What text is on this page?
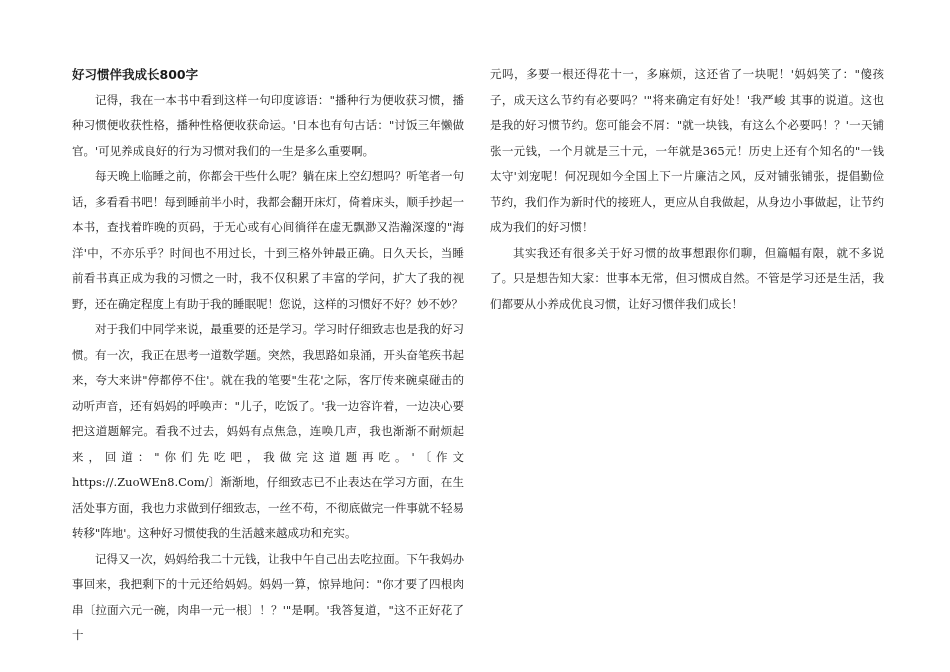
好习惯伴我成长800字

记得，我在一本书中看到这样一句印度谚语："播种行为便收获习惯，播种习惯便收获性格，播种性格便收获命运。'日本也有句古话："讨饭三年懒做官。'可见养成良好的行为习惯对我们的一生是多么重要啊。

每天晚上临睡之前，你都会干些什么呢？躺在床上空幻想吗？听笔者一句话，多看看书吧！每到睡前半小时，我都会翻开床灯，倚着床头，顺手抄起一本书，查找着昨晚的页码，于无心或有心间徜徉在虚无飘渺又浩瀚深邃的"海洋'中，不亦乐乎？时间也不用过长，十到三格外钟最正确。日久天长，当睡前看书真正成为我的习惯之一时，我不仅积累了丰富的学问，扩大了我的视野，还在确定程度上有助于我的睡眠呢！您说，这样的习惯好不好？妙不妙？

对于我们中同学来说，最重要的还是学习。学习时仔细致志也是我的好习惯。有一次，我正在思考一道数学题。突然，我思路如泉涌，开头奋笔疾书起来，夸大来讲"停都停不住'。就在我的笔要"生花'之际，客厅传来碗桌碰击的动听声音，还有妈妈的呼唤声："儿子，吃饭了。'我一边容许着，一边决心要把这道题解完。看我不过去，妈妈有点焦急，连唤几声，我也渐渐不耐烦起来，回道："你们先吃吧，我做完这道题再吃。'〔作文https://.ZuoWEn8.Com/〕渐渐地，仔细致志已不止表达在学习方面，在生活处事方面，我也力求做到仔细致志，一丝不苟，不彻底做完一件事就不轻易转移"阵地'。这种好习惯使我的生活越来越成功和充实。

记得又一次，妈妈给我二十元钱，让我中午自己出去吃拉面。下午我妈办事回来，我把剩下的十元还给妈妈。妈妈一算，惊异地问："你才要了四根肉串〔拉面六元一碗，肉串一元一根〕！？'"是啊。'我答复道，"这不正好花了十

元吗，多要一根还得花十一，多麻烦，这还省了一块呢！'妈妈笑了："傻孩子，成天这么节约有必要吗？'"将来确定有好处！'我严峻 其事的说道。这也是我的好习惯节约。您可能会不屑："就一块钱，有这么个必要吗！？'一天铺张一元钱，一个月就是三十元，一年就是365元！历史上还有个知名的"一钱太守'刘宠呢！何况现如今全国上下一片廉洁之风，反对铺张铺张，提倡勤俭节约，我们作为新时代的接班人，更应从自我做起，从身边小事做起，让节约成为我们的好习惯！

其实我还有很多关于好习惯的故事想跟你们聊，但篇幅有限，就不多说了。只是想告知大家：世事本无常，但习惯成自然。不管是学习还是生活，我们都要从小养成优良习惯，让好习惯伴我们成长！
